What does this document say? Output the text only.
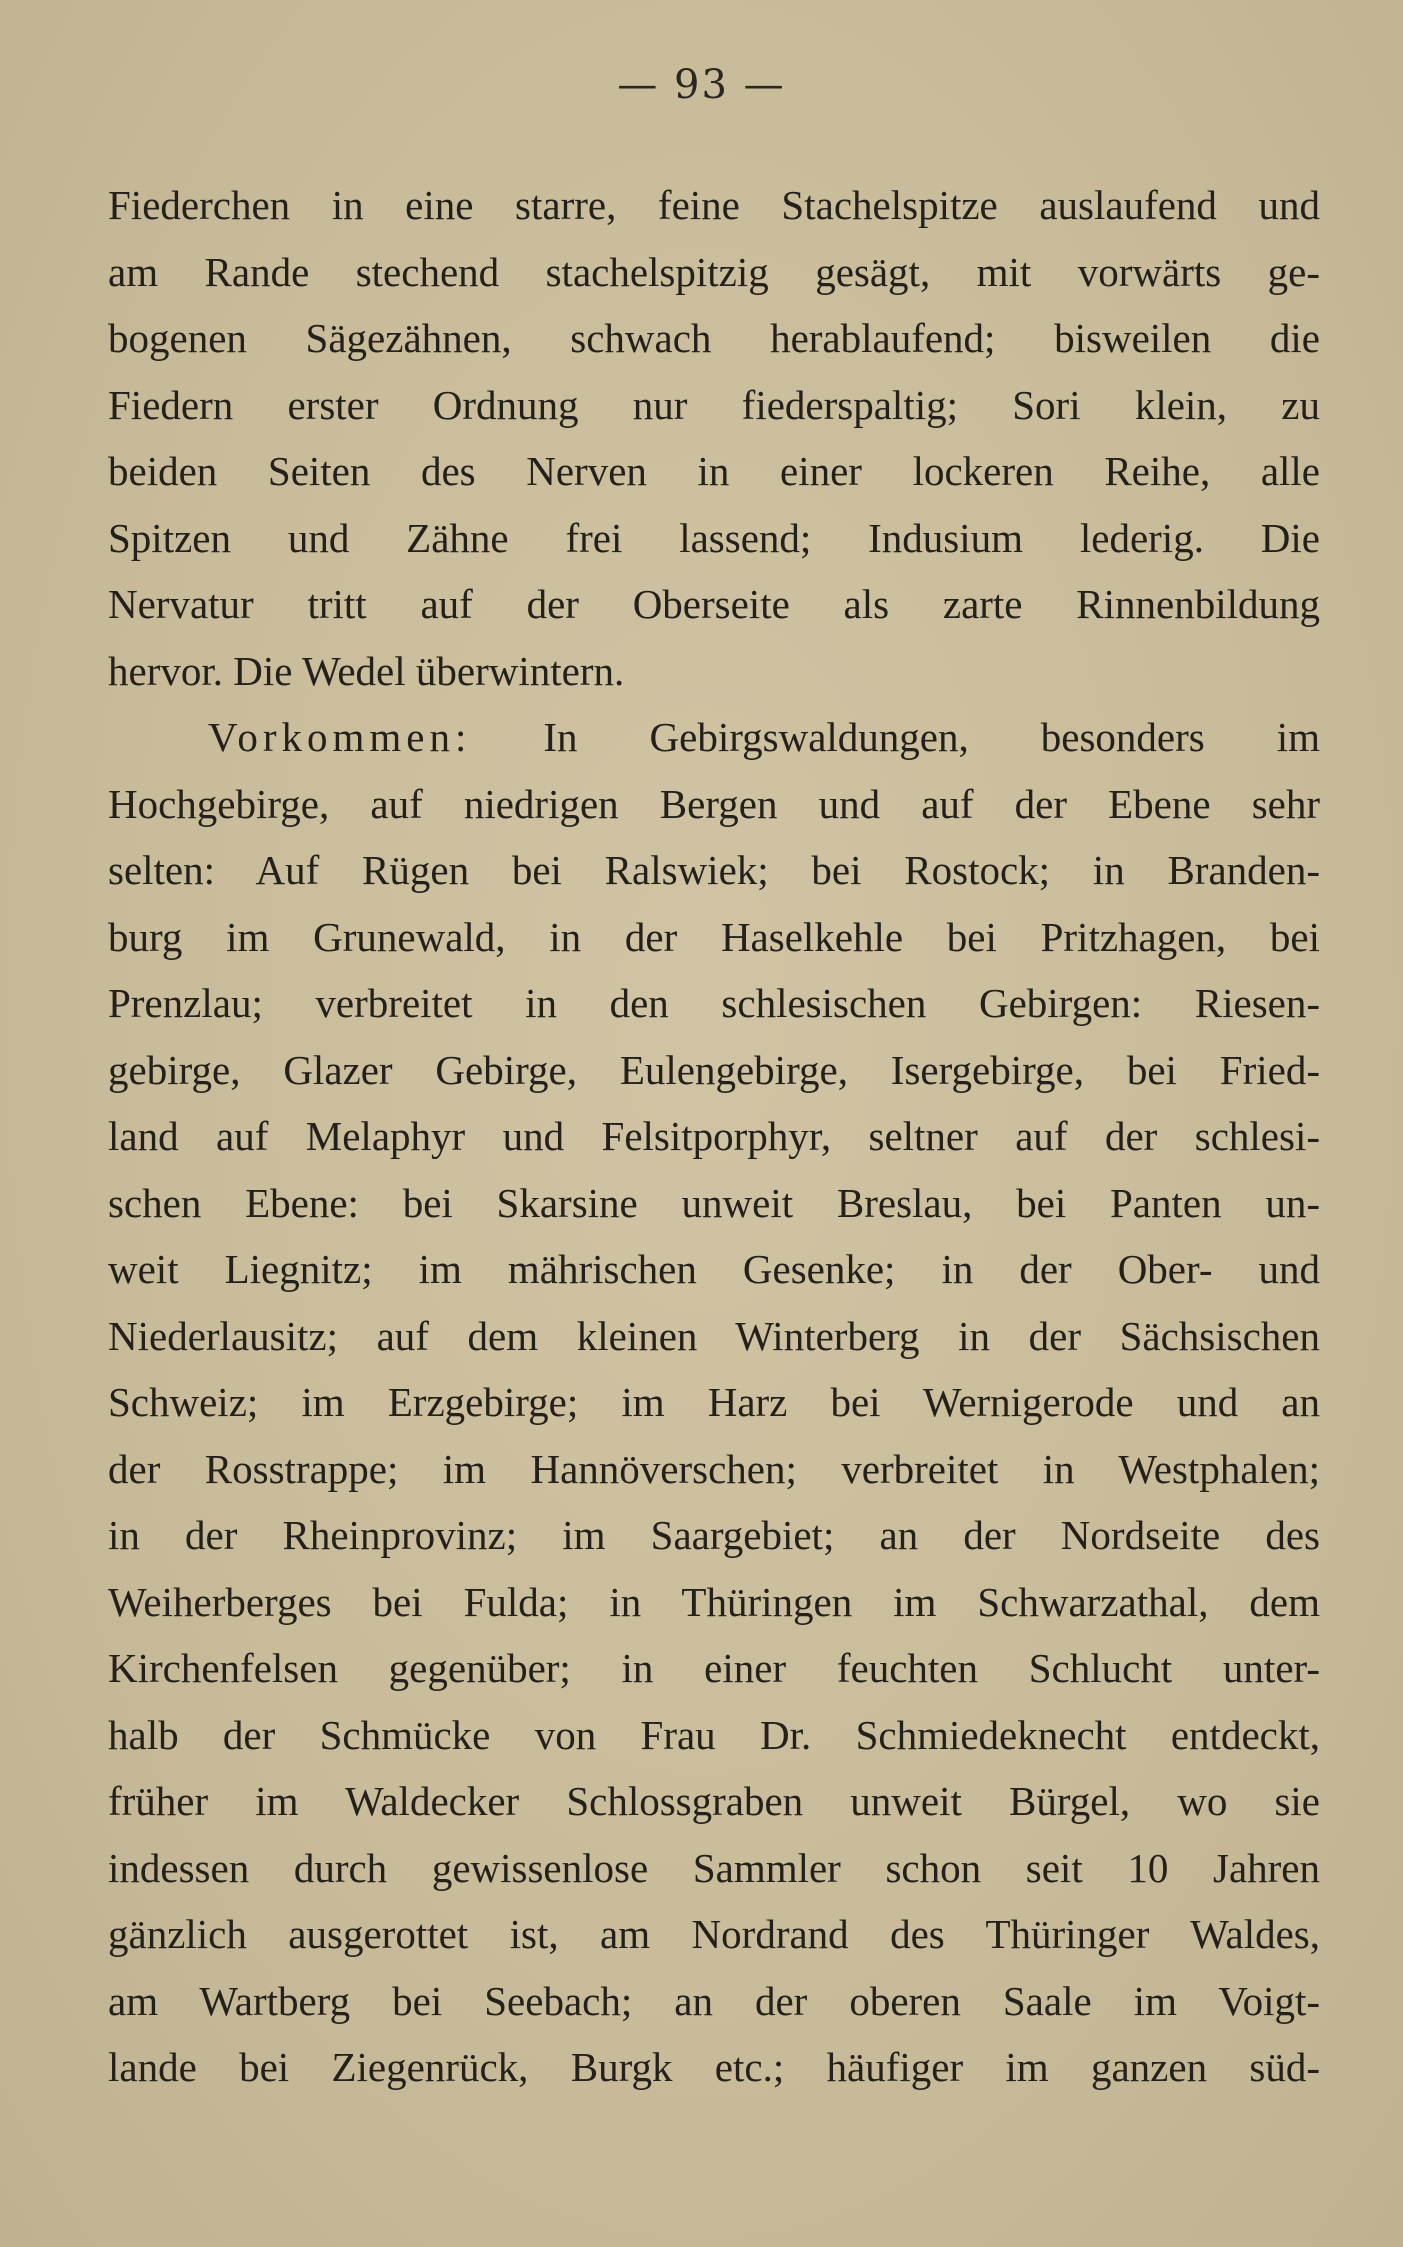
— 93 —
Fiederchen in eine starre, feine Stachelspitze auslaufend und
am Rande stechend stachelspitzig gesägt, mit vorwärts ge-
bogenen Sägezähnen, schwach herablaufend; bisweilen die
Fiedern erster Ordnung nur fiederspaltig; Sori klein, zu
beiden Seiten des Nerven in einer lockeren Reihe, alle
Spitzen und Zähne frei lassend; Indusium lederig. Die
Nervatur tritt auf der Oberseite als zarte Rinnenbildung
hervor. Die Wedel überwintern.
Vorkommen: In Gebirgswaldungen, besonders im
Hochgebirge, auf niedrigen Bergen und auf der Ebene sehr
selten: Auf Rügen bei Ralswiek; bei Rostock; in Branden-
burg im Grunewald, in der Haselkehle bei Pritzhagen, bei
Prenzlau; verbreitet in den schlesischen Gebirgen: Riesen-
gebirge, Glazer Gebirge, Eulengebirge, Isergebirge, bei Fried-
land auf Melaphyr und Felsitporphyr, seltner auf der schlesi-
schen Ebene: bei Skarsine unweit Breslau, bei Panten un-
weit Liegnitz; im mährischen Gesenke; in der Ober- und
Niederlausitz; auf dem kleinen Winterberg in der Sächsischen
Schweiz; im Erzgebirge; im Harz bei Wernigerode und an
der Rosstrappe; im Hannöverschen; verbreitet in Westphalen;
in der Rheinprovinz; im Saargebiet; an der Nordseite des
Weiherberges bei Fulda; in Thüringen im Schwarzathal, dem
Kirchenfelsen gegenüber; in einer feuchten Schlucht unter-
halb der Schmücke von Frau Dr. Schmiedeknecht entdeckt,
früher im Waldecker Schlossgraben unweit Bürgel, wo sie
indessen durch gewissenlose Sammler schon seit 10 Jahren
gänzlich ausgerottet ist, am Nordrand des Thüringer Waldes,
am Wartberg bei Seebach; an der oberen Saale im Voigt-
lande bei Ziegenrück, Burgk etc.; häufiger im ganzen süd-
